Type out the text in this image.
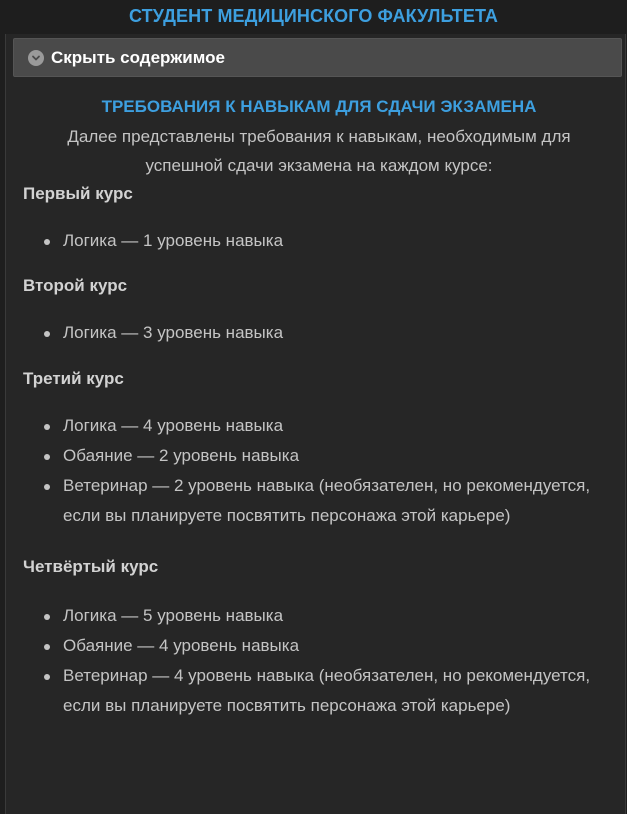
СТУДЕНТ МЕДИЦИНСКОГО ФАКУЛЬТЕТА
Скрыть содержимое
ТРЕБОВАНИЯ К НАВЫКАМ ДЛЯ СДАЧИ ЭКЗАМЕНА

Далее представлены требования к навыкам, необходимым для
успешной сдачи экзамена на каждом курсе:

Первый курс
Логика — 1 уровень навыка
Второй курс
Логика — 3 уровень навыка
Третий курс
Логика — 4 уровень навыка
Обаяние — 2 уровень навыка
Ветеринар — 2 уровень навыка (необязателен, но рекомендуется, если вы планируете посвятить персонажа этой карьере)
Четвёртый курс
Логика — 5 уровень навыка
Обаяние — 4 уровень навыка
Ветеринар — 4 уровень навыка (необязателен, но рекомендуется, если вы планируете посвятить персонажа этой карьере)
